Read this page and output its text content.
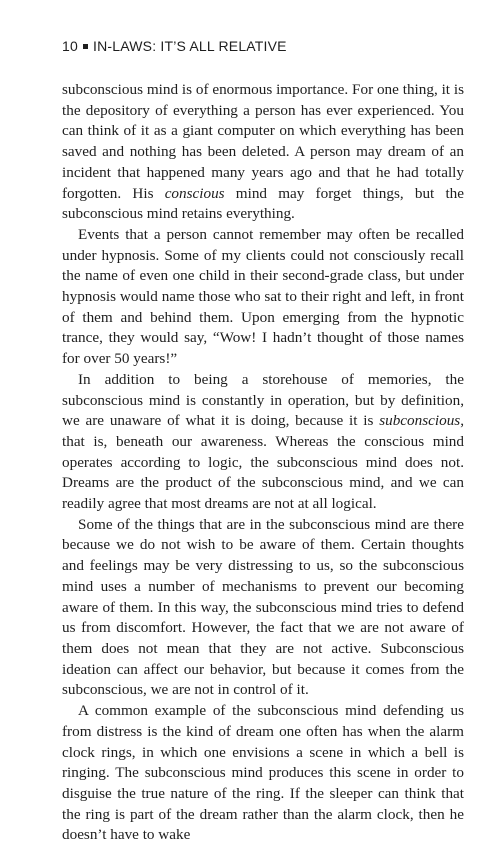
10 IN-LAWS: IT’S ALL RELATIVE

subconscious mind is of enormous importance. For one thing, it is the depository of everything a person has ever experienced. You can think of it as a giant computer on which everything has been saved and nothing has been deleted. A person may dream of an incident that happened many years ago and that he had totally forgotten. His conscious mind may forget things, but the subconscious mind retains everything.

Events that a person cannot remember may often be recalled under hypnosis. Some of my clients could not consciously recall the name of even one child in their second-grade class, but under hypnosis would name those who sat to their right and left, in front of them and behind them. Upon emerging from the hypnotic trance, they would say, “Wow! I hadn’t thought of those names for over 50 years!”

In addition to being a storehouse of memories, the subconscious mind is constantly in operation, but by definition, we are unaware of what it is doing, because it is subconscious, that is, beneath our awareness. Whereas the conscious mind operates according to logic, the subconscious mind does not. Dreams are the product of the subconscious mind, and we can readily agree that most dreams are not at all logical.

Some of the things that are in the subconscious mind are there because we do not wish to be aware of them. Certain thoughts and feelings may be very distressing to us, so the subconscious mind uses a number of mechanisms to prevent our becoming aware of them. In this way, the subconscious mind tries to defend us from discomfort. However, the fact that we are not aware of them does not mean that they are not active. Subconscious ideation can affect our behavior, but because it comes from the subconscious, we are not in control of it.

A common example of the subconscious mind defending us from distress is the kind of dream one often has when the alarm clock rings, in which one envisions a scene in which a bell is ringing. The subconscious mind produces this scene in order to disguise the true nature of the ring. If the sleeper can think that the ring is part of the dream rather than the alarm clock, then he doesn’t have to wake
